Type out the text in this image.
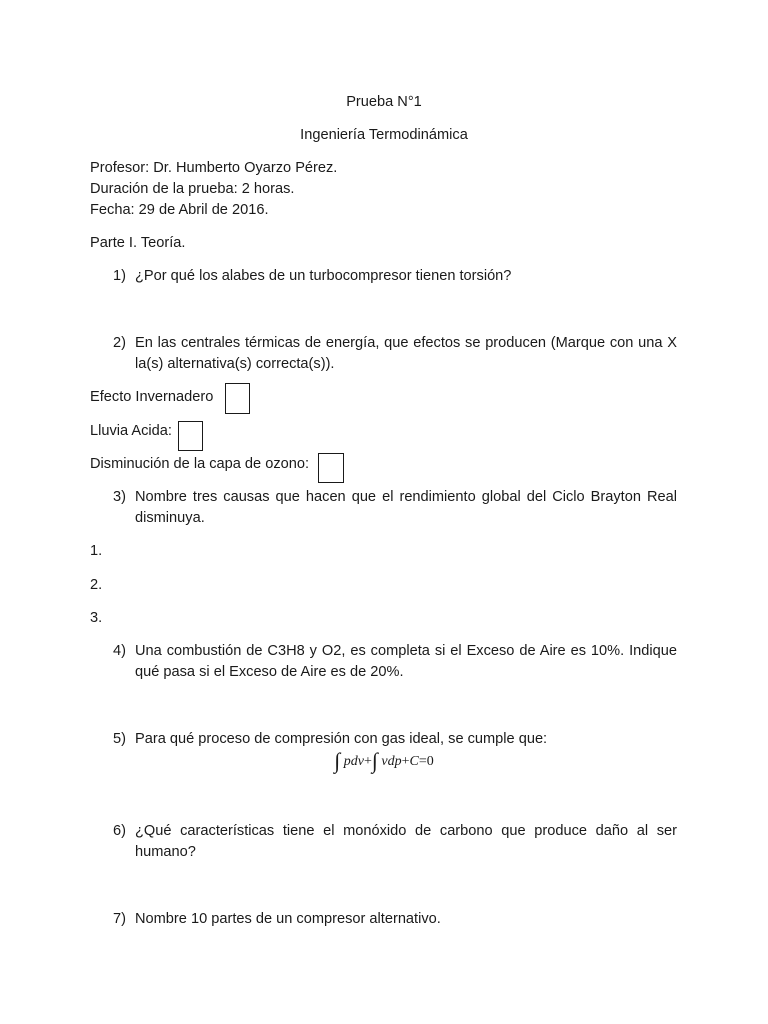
Prueba N°1
Ingeniería Termodinámica
Profesor: Dr. Humberto Oyarzo Pérez.
Duración de la prueba: 2 horas.
Fecha: 29 de Abril de 2016.
Parte I. Teoría.
1) ¿Por qué los alabes de un turbocompresor tienen torsión?
2) En las centrales térmicas de energía, que efectos se producen (Marque con una X la(s) alternativa(s) correcta(s)).
Efecto Invernadero
Lluvia Acida:
Disminución de la capa de ozono:
3) Nombre tres causas que hacen que el rendimiento global del Ciclo Brayton Real disminuya.
1.
2.
3.
4) Una combustión de C3H8 y O2, es completa si el Exceso de Aire es 10%. Indique qué pasa si el Exceso de Aire es de 20%.
5) Para qué proceso de compresión con gas ideal, se cumple que:
∫ pdv+∫ vdp+C=0
6) ¿Qué características tiene el monóxido de carbono que produce daño al ser humano?
7) Nombre 10 partes de un compresor alternativo.
